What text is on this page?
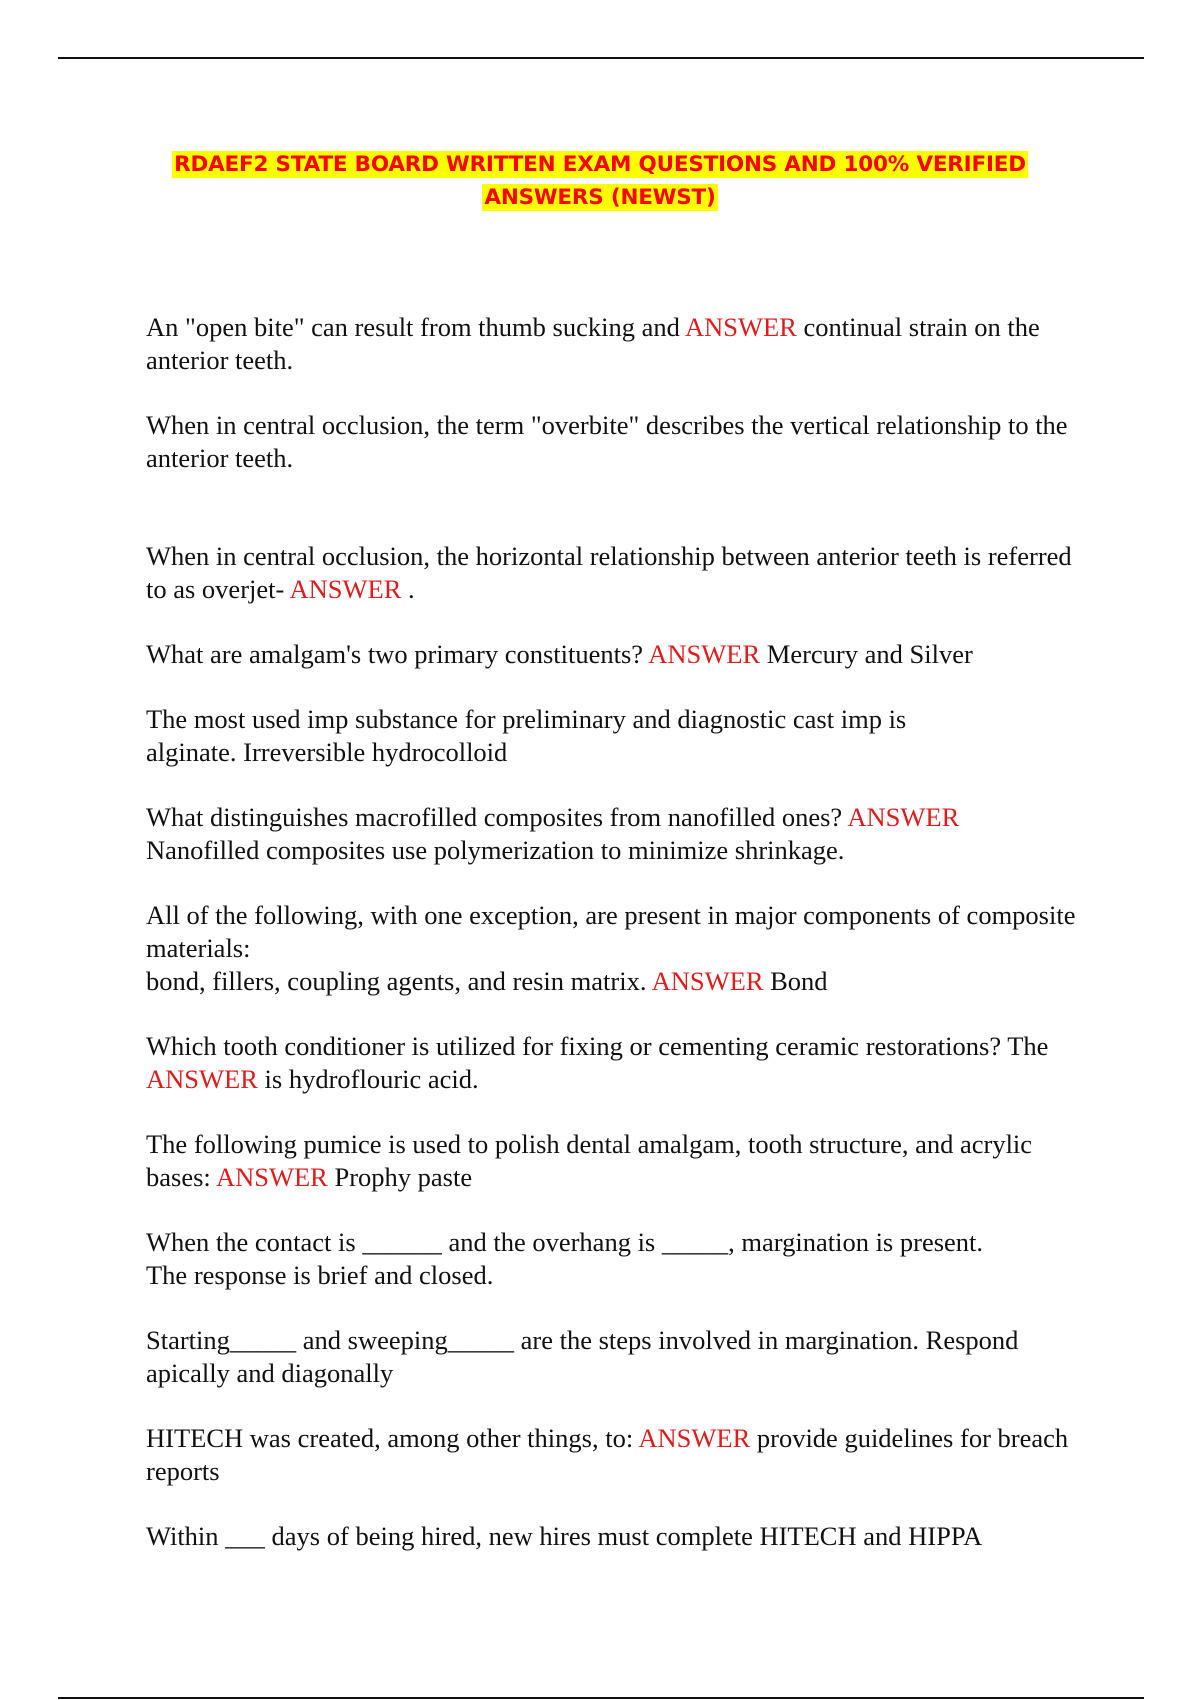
RDAEF2 STATE BOARD WRITTEN EXAM QUESTIONS AND 100% VERIFIED
ANSWERS (NEWST)

An "open bite" can result from thumb sucking and ANSWER continual strain on the anterior teeth.

When in central occlusion, the term "overbite" describes the vertical relationship to the anterior teeth.

When in central occlusion, the horizontal relationship between anterior teeth is referred to as overjet- ANSWER .

What are amalgam's two primary constituents? ANSWER Mercury and Silver

The most used imp substance for preliminary and diagnostic cast imp is
alginate. Irreversible hydrocolloid

What distinguishes macrofilled composites from nanofilled ones? ANSWER
Nanofilled composites use polymerization to minimize shrinkage.

All of the following, with one exception, are present in major components of composite materials:
bond, fillers, coupling agents, and resin matrix. ANSWER Bond

Which tooth conditioner is utilized for fixing or cementing ceramic restorations? The ANSWER is hydroflouric acid.

The following pumice is used to polish dental amalgam, tooth structure, and acrylic bases: ANSWER Prophy paste

When the contact is ______ and the overhang is _____, margination is present.
The response is brief and closed.

Starting_____ and sweeping_____ are the steps involved in margination. Respond
apically and diagonally

HITECH was created, among other things, to: ANSWER provide guidelines for breach reports

Within ___ days of being hired, new hires must complete HITECH and HIPPA
